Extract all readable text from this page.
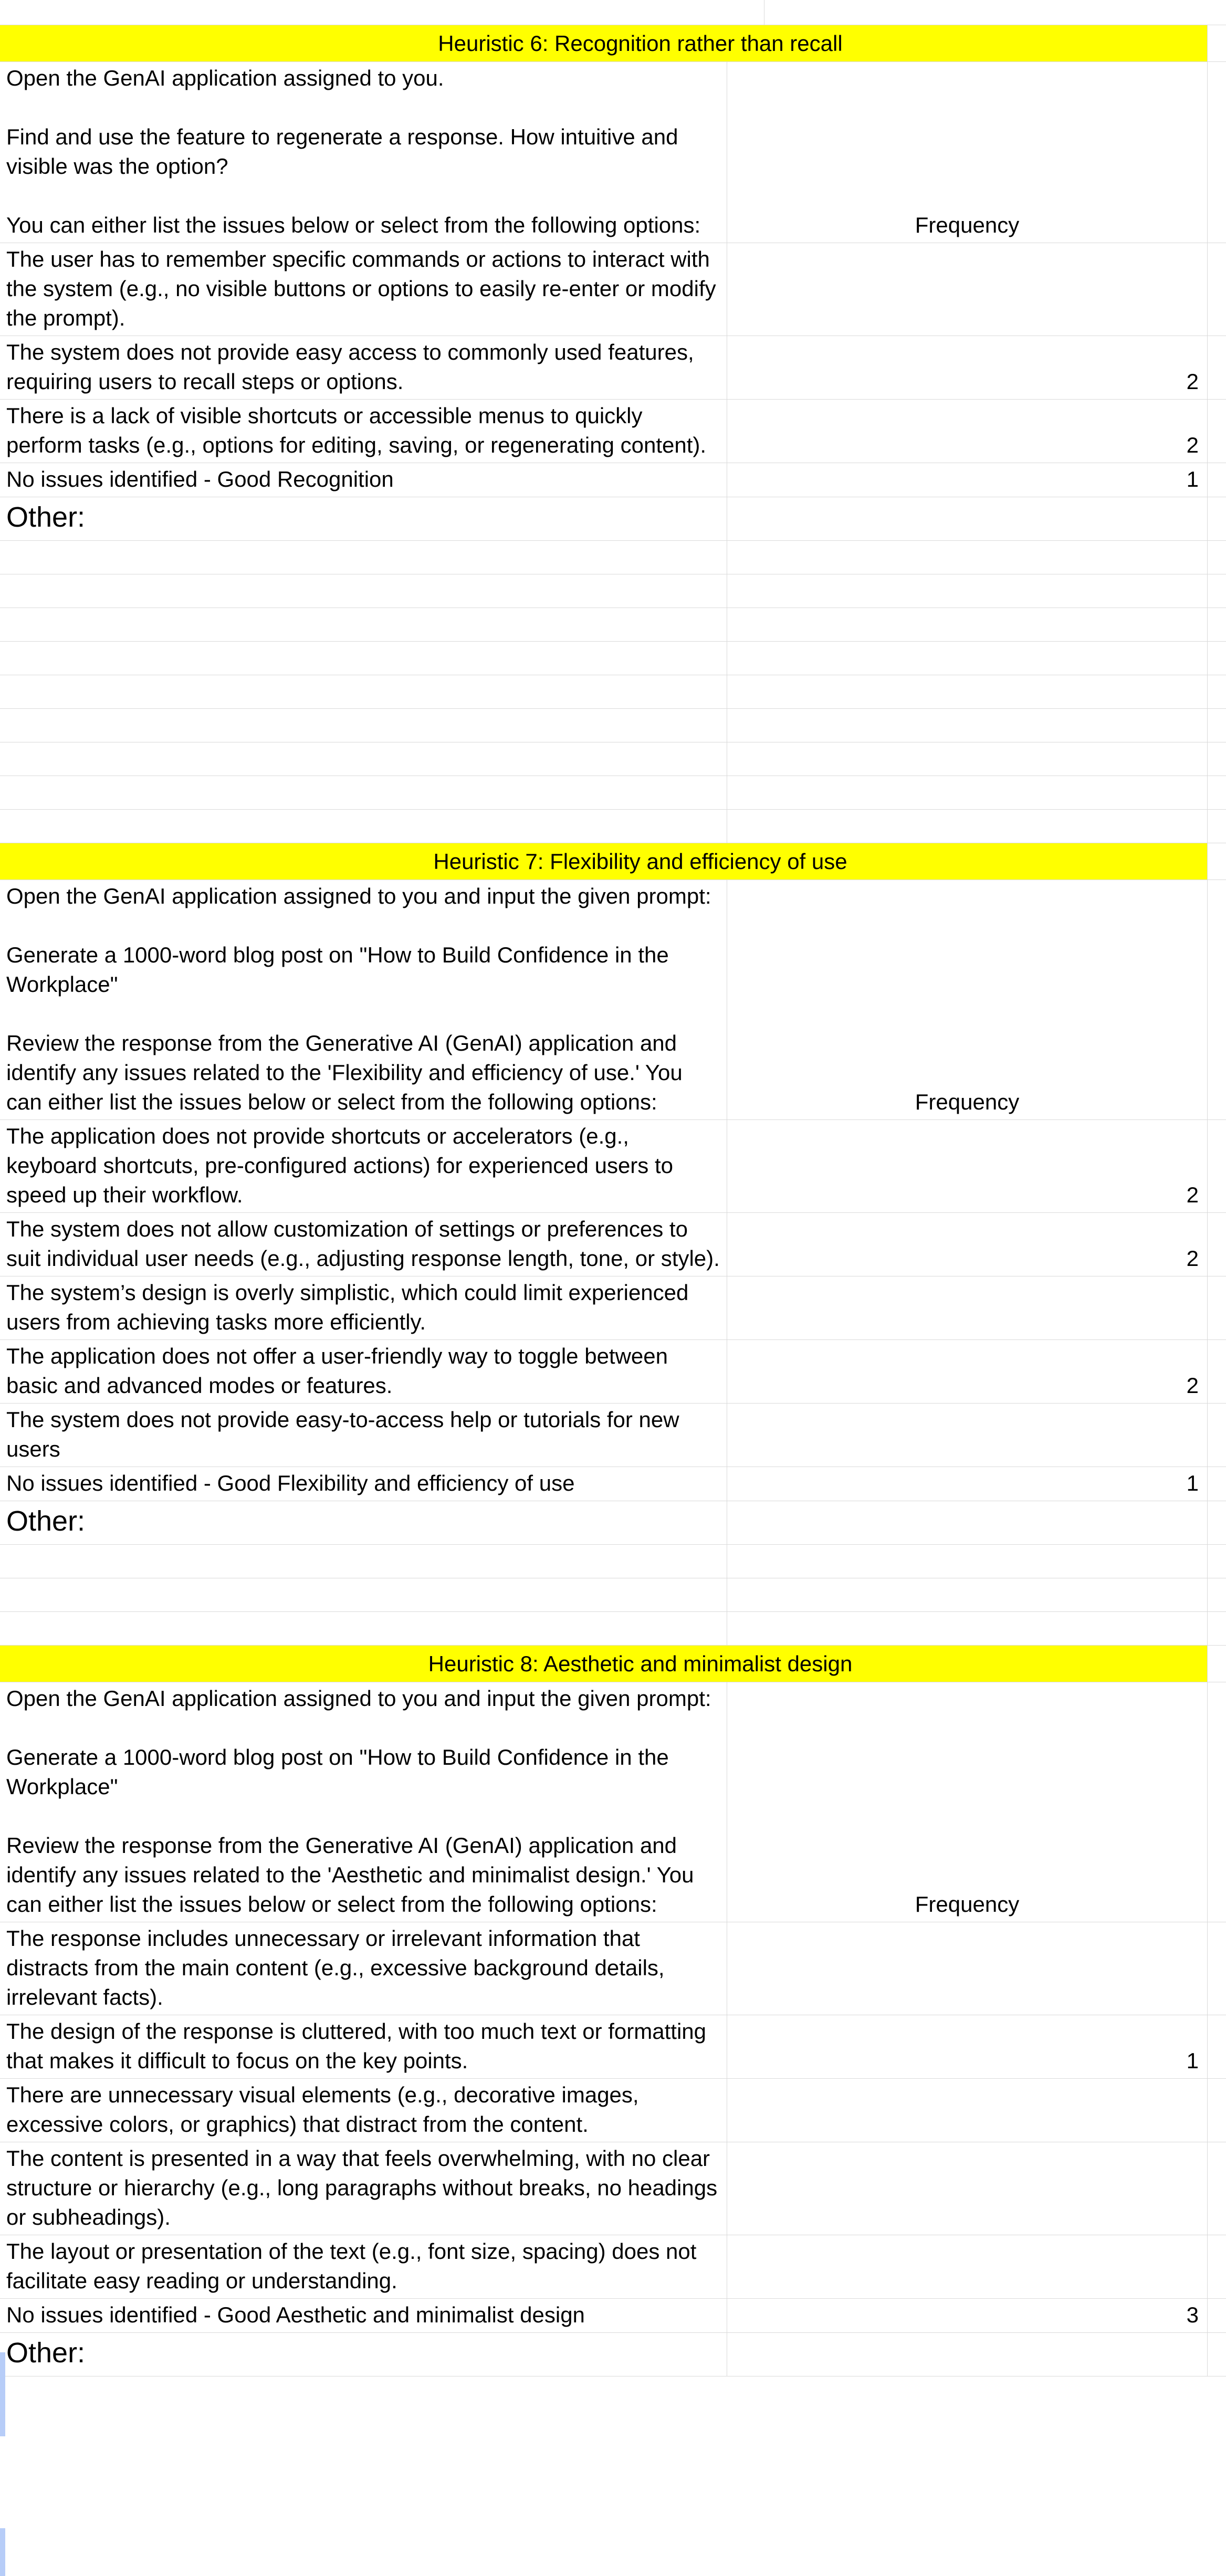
Heuristic 6: Recognition rather than recall
Open the GenAI application assigned to you.

Find and use the feature to regenerate a response. How intuitive and visible was the option?

You can either list the issues below or select from the following options:	Frequency
The user has to remember specific commands or actions to interact with the system (e.g., no visible buttons or options to easily re-enter or modify the prompt).
The system does not provide easy access to commonly used features, requiring users to recall steps or options.	2
There is a lack of visible shortcuts or accessible menus to quickly perform tasks (e.g., options for editing, saving, or regenerating content).	2
No issues identified - Good Recognition	1
Other:
Heuristic 7: Flexibility and efficiency of use
Open the GenAI application assigned to you and input the given prompt:

Generate a 1000-word blog post on "How to Build Confidence in the Workplace"

Review the response from the Generative AI (GenAI) application and identify any issues related to the 'Flexibility and efficiency of use.' You can either list the issues below or select from the following options:	Frequency
The application does not provide shortcuts or accelerators (e.g., keyboard shortcuts, pre-configured actions) for experienced users to speed up their workflow.	2
The system does not allow customization of settings or preferences to suit individual user needs (e.g., adjusting response length, tone, or style).	2
The system’s design is overly simplistic, which could limit experienced users from achieving tasks more efficiently.
The application does not offer a user-friendly way to toggle between basic and advanced modes or features.	2
The system does not provide easy-to-access help or tutorials for new users
No issues identified - Good Flexibility and efficiency of use	1
Other:
Heuristic 8: Aesthetic and minimalist design
Open the GenAI application assigned to you and input the given prompt:

Generate a 1000-word blog post on "How to Build Confidence in the Workplace"

Review the response from the Generative AI (GenAI) application and identify any issues related to the 'Aesthetic and minimalist design.' You can either list the issues below or select from the following options:	Frequency
The response includes unnecessary or irrelevant information that distracts from the main content (e.g., excessive background details, irrelevant facts).
The design of the response is cluttered, with too much text or formatting that makes it difficult to focus on the key points.	1
There are unnecessary visual elements (e.g., decorative images, excessive colors, or graphics) that distract from the content.
The content is presented in a way that feels overwhelming, with no clear structure or hierarchy (e.g., long paragraphs without breaks, no headings or subheadings).
The layout or presentation of the text (e.g., font size, spacing) does not facilitate easy reading or understanding.
No issues identified - Good Aesthetic and minimalist design	3
Other:
